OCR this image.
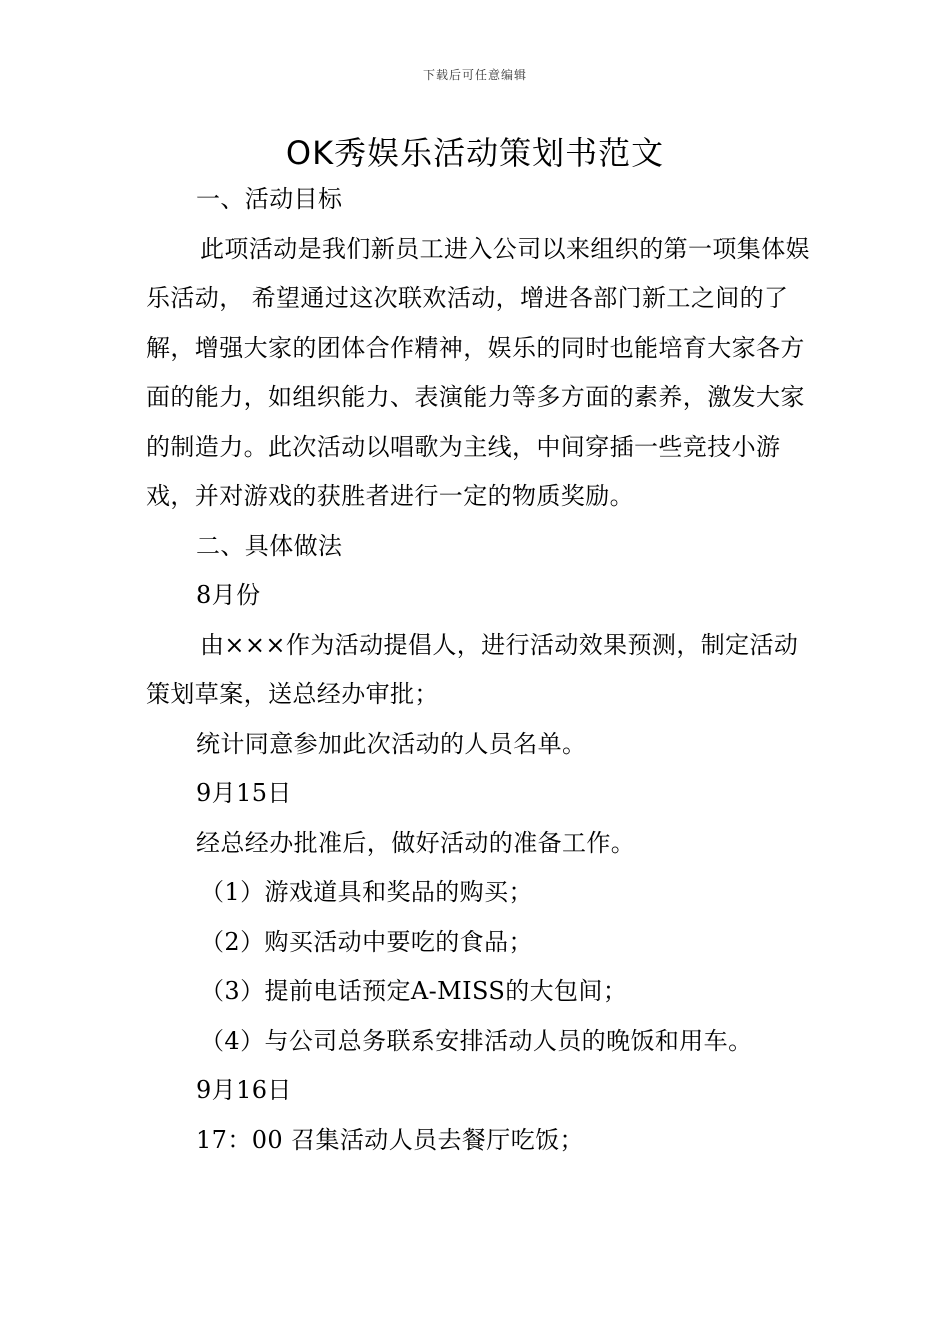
下载后可任意编辑
OK秀娱乐活动策划书范文

一、活动目标

此项活动是我们新员工进入公司以来组织的第一项集体娱乐活动， 希望通过这次联欢活动，增进各部门新工之间的了解，增强大家的团体合作精神，娱乐的同时也能培育大家各方面的能力，如组织能力、表演能力等多方面的素养，激发大家的制造力。此次活动以唱歌为主线，中间穿插一些竞技小游戏，并对游戏的获胜者进行一定的物质奖励。

二、具体做法

8月份

由×××作为活动提倡人，进行活动效果预测，制定活动策划草案，送总经办审批；

统计同意参加此次活动的人员名单。

9月15日

经总经办批准后，做好活动的准备工作。

（1）游戏道具和奖品的购买；

（2）购买活动中要吃的食品；

（3）提前电话预定A-MISS的大包间；

（4）与公司总务联系安排活动人员的晚饭和用车。

9月16日

17：00 召集活动人员去餐厅吃饭；
